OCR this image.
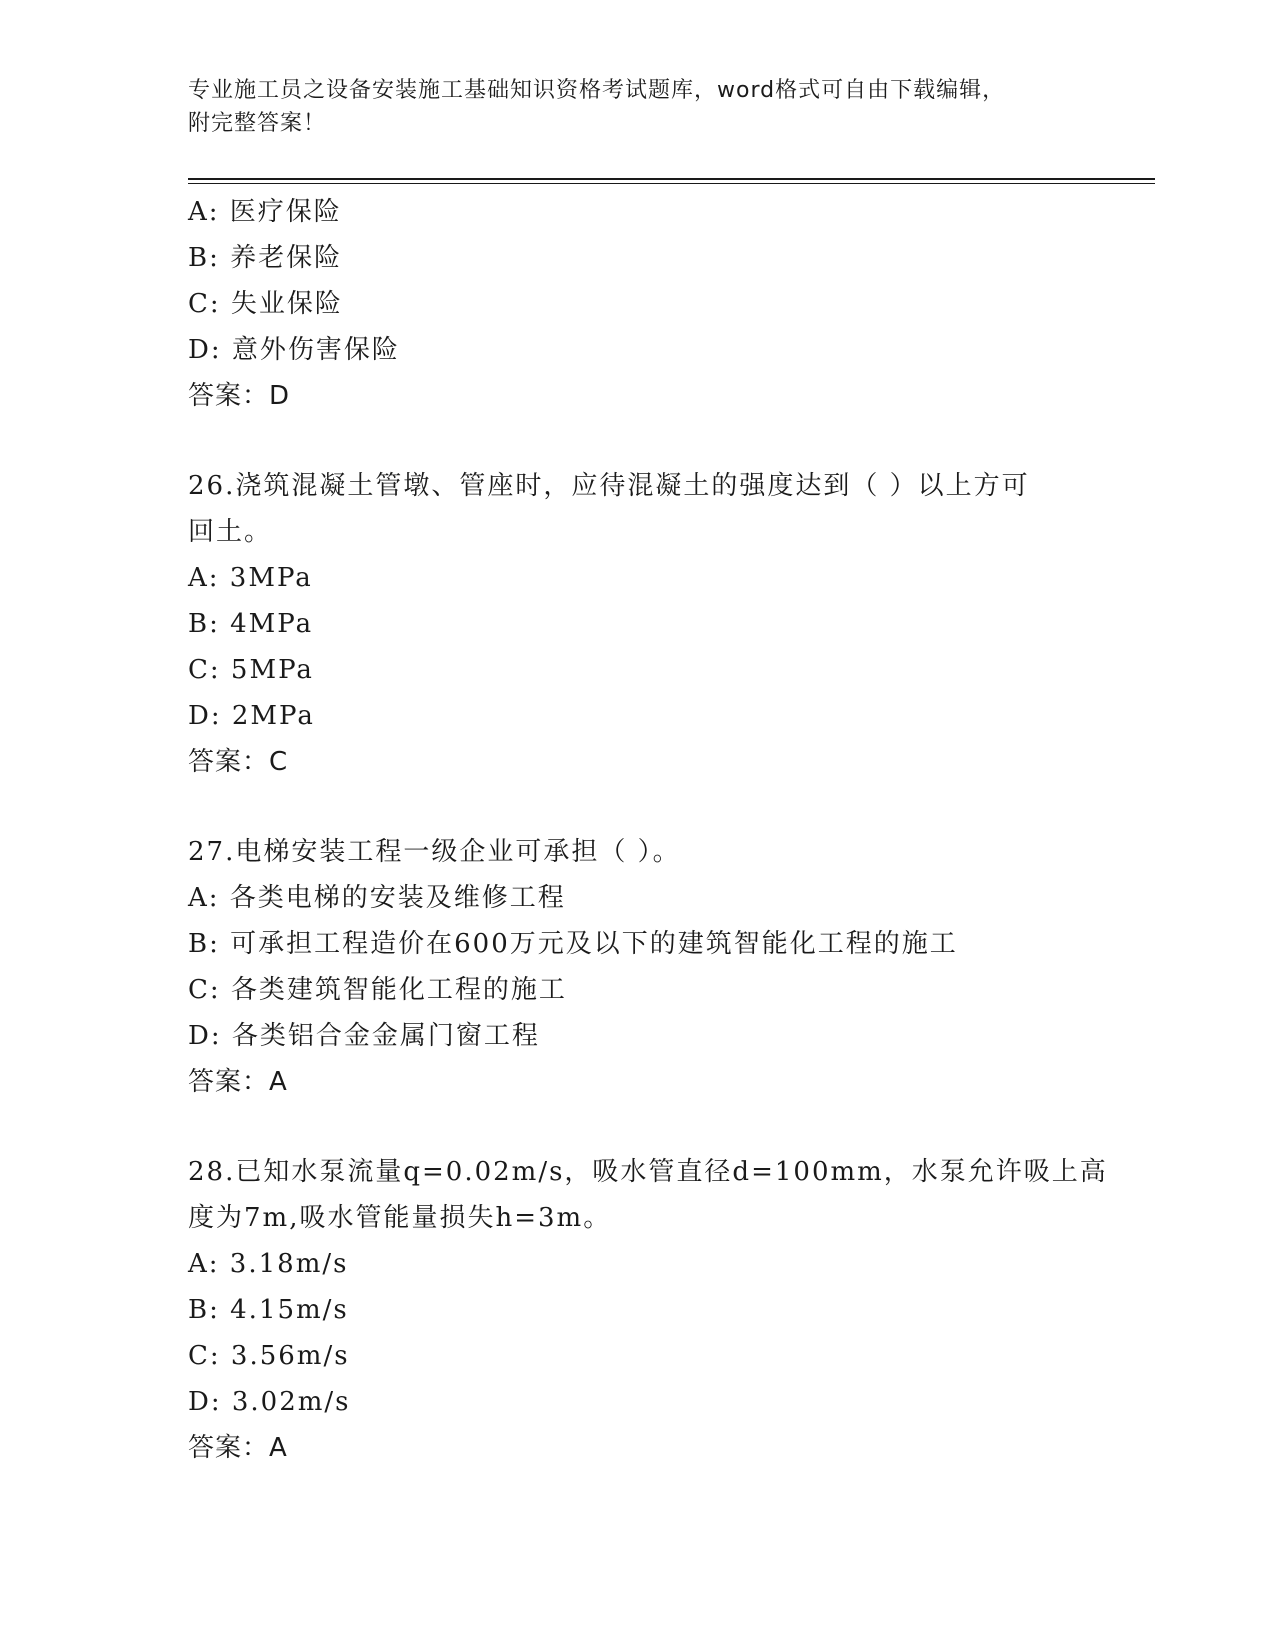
专业施工员之设备安装施工基础知识资格考试题库，word格式可自由下载编辑，
附完整答案！
A: 医疗保险
B: 养老保险
C: 失业保险
D: 意外伤害保险
答案：D
26.浇筑混凝土管墩、管座时，应待混凝土的强度达到（ ）以上方可
回土。
A: 3MPa
B: 4MPa
C: 5MPa
D: 2MPa
答案：C
27.电梯安装工程一级企业可承担（ ）。
A: 各类电梯的安装及维修工程
B: 可承担工程造价在600万元及以下的建筑智能化工程的施工
C: 各类建筑智能化工程的施工
D: 各类铝合金金属门窗工程
答案：A
28.已知水泵流量q=0.02m/s，吸水管直径d=100mm，水泵允许吸上高
度为7m,吸水管能量损失h=3m。
A: 3.18m/s
B: 4.15m/s
C: 3.56m/s
D: 3.02m/s
答案：A
